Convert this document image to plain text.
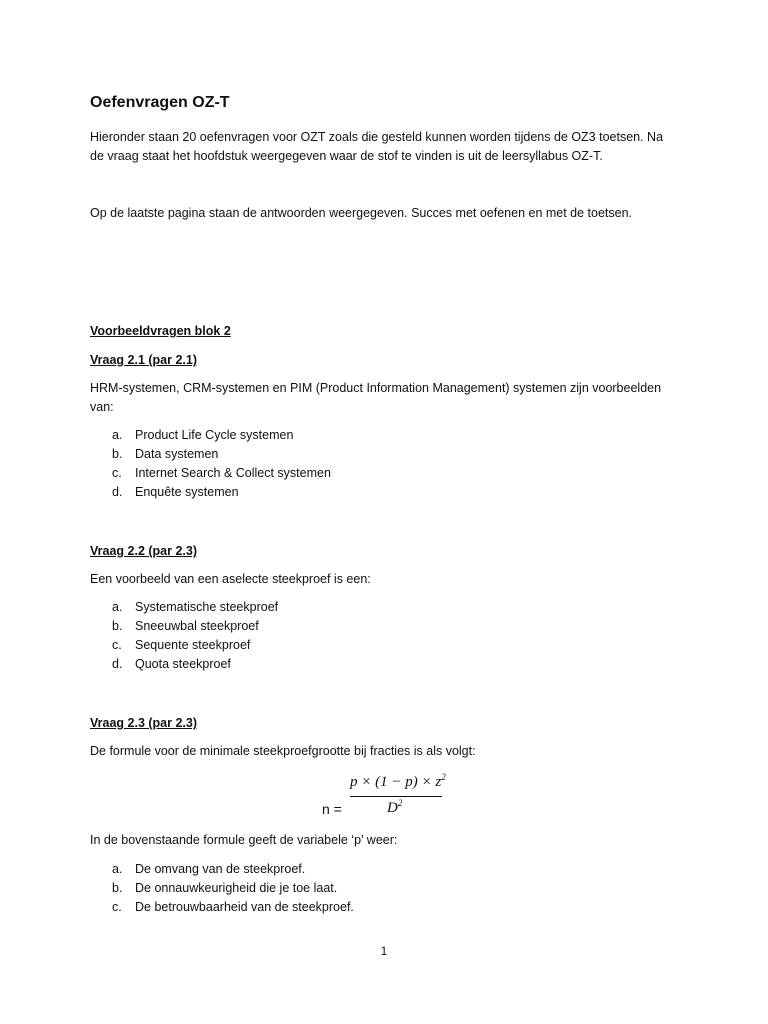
Oefenvragen OZ-T

Hieronder staan 20 oefenvragen voor OZT zoals die gesteld kunnen worden tijdens de OZ3 toetsen. Na

de vraag staat het hoofdstuk weergegeven waar de stof te vinden is uit de leersyllabus OZ-T.

Op de laatste pagina staan de antwoorden weergegeven. Succes met oefenen en met de toetsen.

Voorbeeldvragen blok 2

Vraag 2.1 (par 2.1)

HRM-systemen, CRM-systemen en PIM (Product Information Management) systemen zijn voorbeelden

van:

a.	Product Life Cycle systemen
b.	Data systemen
c.	Internet Search & Collect systemen
d.	Enquête systemen

Vraag 2.2 (par 2.3)

Een voorbeeld van een aselecte steekproef is een:

a.	Systematische steekproef
b.	Sneeuwbal steekproef
c.	Sequente steekproef
d.	Quota steekproef

Vraag 2.3 (par 2.3)

De formule voor de minimale steekproefgrootte bij fracties is als volgt:

n =
$p \times (1 - p) \times z^2$
$D^2$

In de bovenstaande formule geeft de variabele ‘p’ weer:

a.	De omvang van de steekproef.
b.	De onnauwkeurigheid die je toe laat.
c.	De betrouwbaarheid van de steekproef.
1
